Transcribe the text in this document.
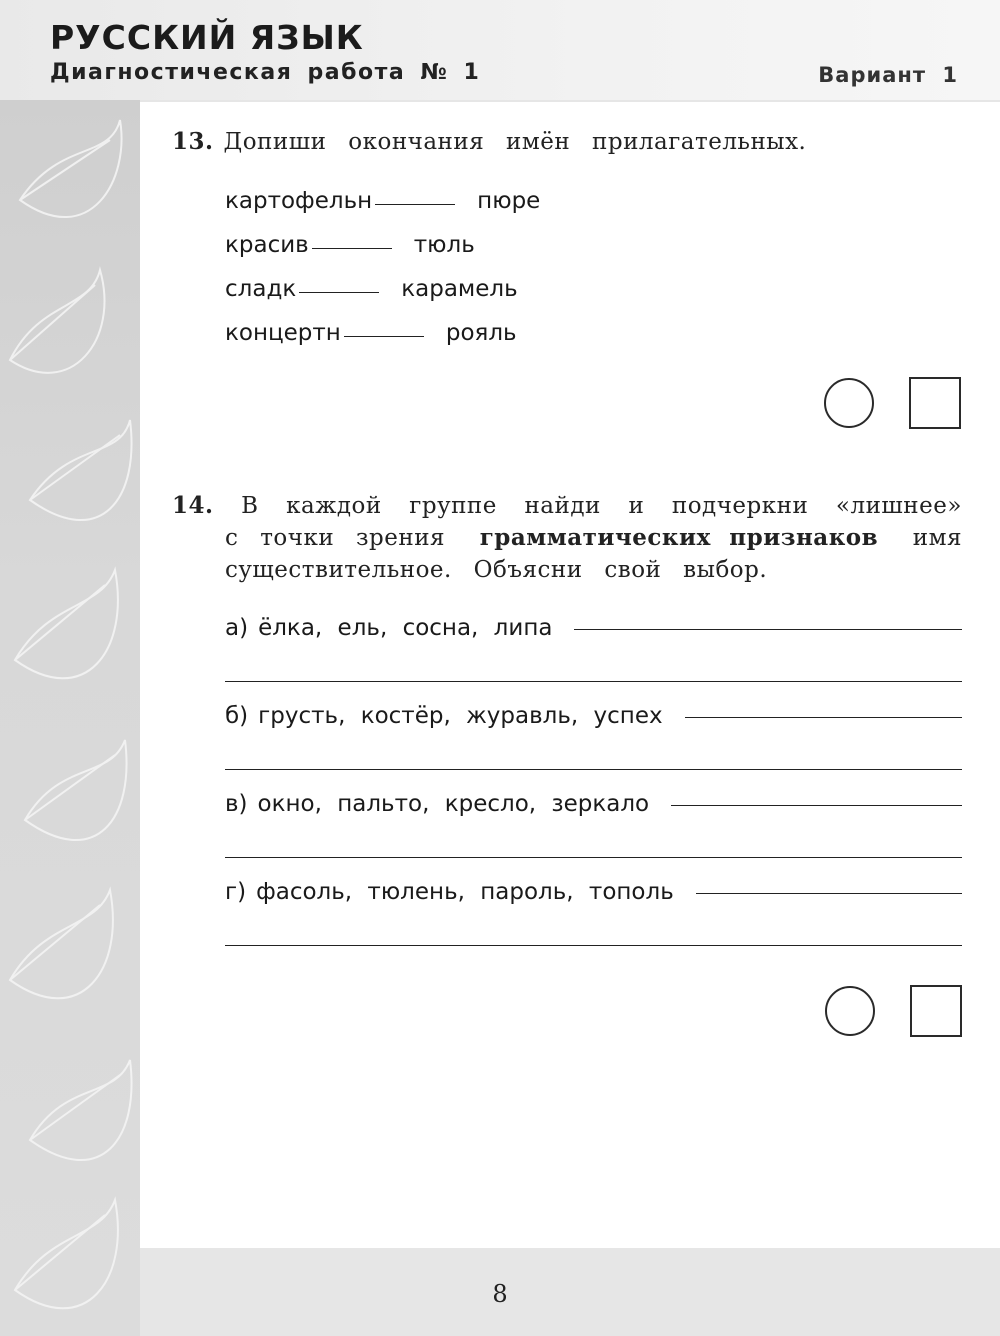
РУССКИЙ ЯЗЫК
Диагностическая работа № 1	Вариант 1
13. Допиши окончания имён прилагательных.
картофельн	пюре
красив	тюль
сладк	карамель
концертн	рояль
14. В каждой группе найди и подчеркни «лишнее»
с точки зрения грамматических признаков имя
существительное. Объясни свой выбор.
а) ёлка, ель, сосна, липа
б) грусть, костёр, журавль, успех
в) окно, пальто, кресло, зеркало
г) фасоль, тюлень, пароль, тополь
8
